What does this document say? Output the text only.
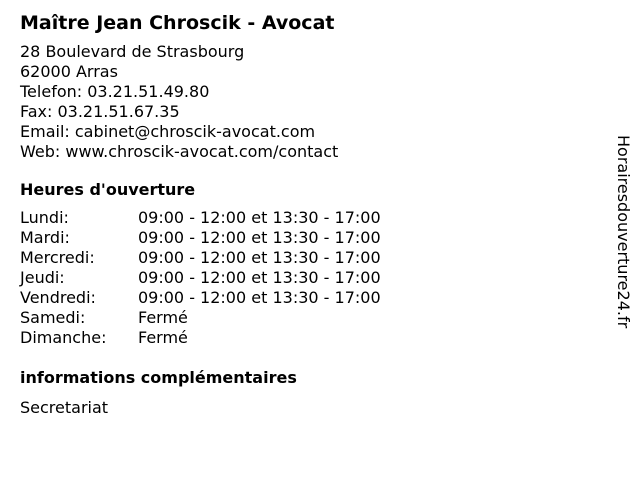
Maître Jean Chroscik - Avocat
28 Boulevard de Strasbourg
62000 Arras
Telefon: 03.21.51.49.80
Fax: 03.21.51.67.35
Email: cabinet@chroscik-avocat.com
Web: www.chroscik-avocat.com/contact
Heures d'ouverture
Lundi:	09:00 - 12:00 et 13:30 - 17:00
Mardi:	09:00 - 12:00 et 13:30 - 17:00
Mercredi:	09:00 - 12:00 et 13:30 - 17:00
Jeudi:	09:00 - 12:00 et 13:30 - 17:00
Vendredi:	09:00 - 12:00 et 13:30 - 17:00
Samedi:	Fermé
Dimanche:	Fermé
informations complémentaires
Secretariat
Horairesdouverture24.fr
